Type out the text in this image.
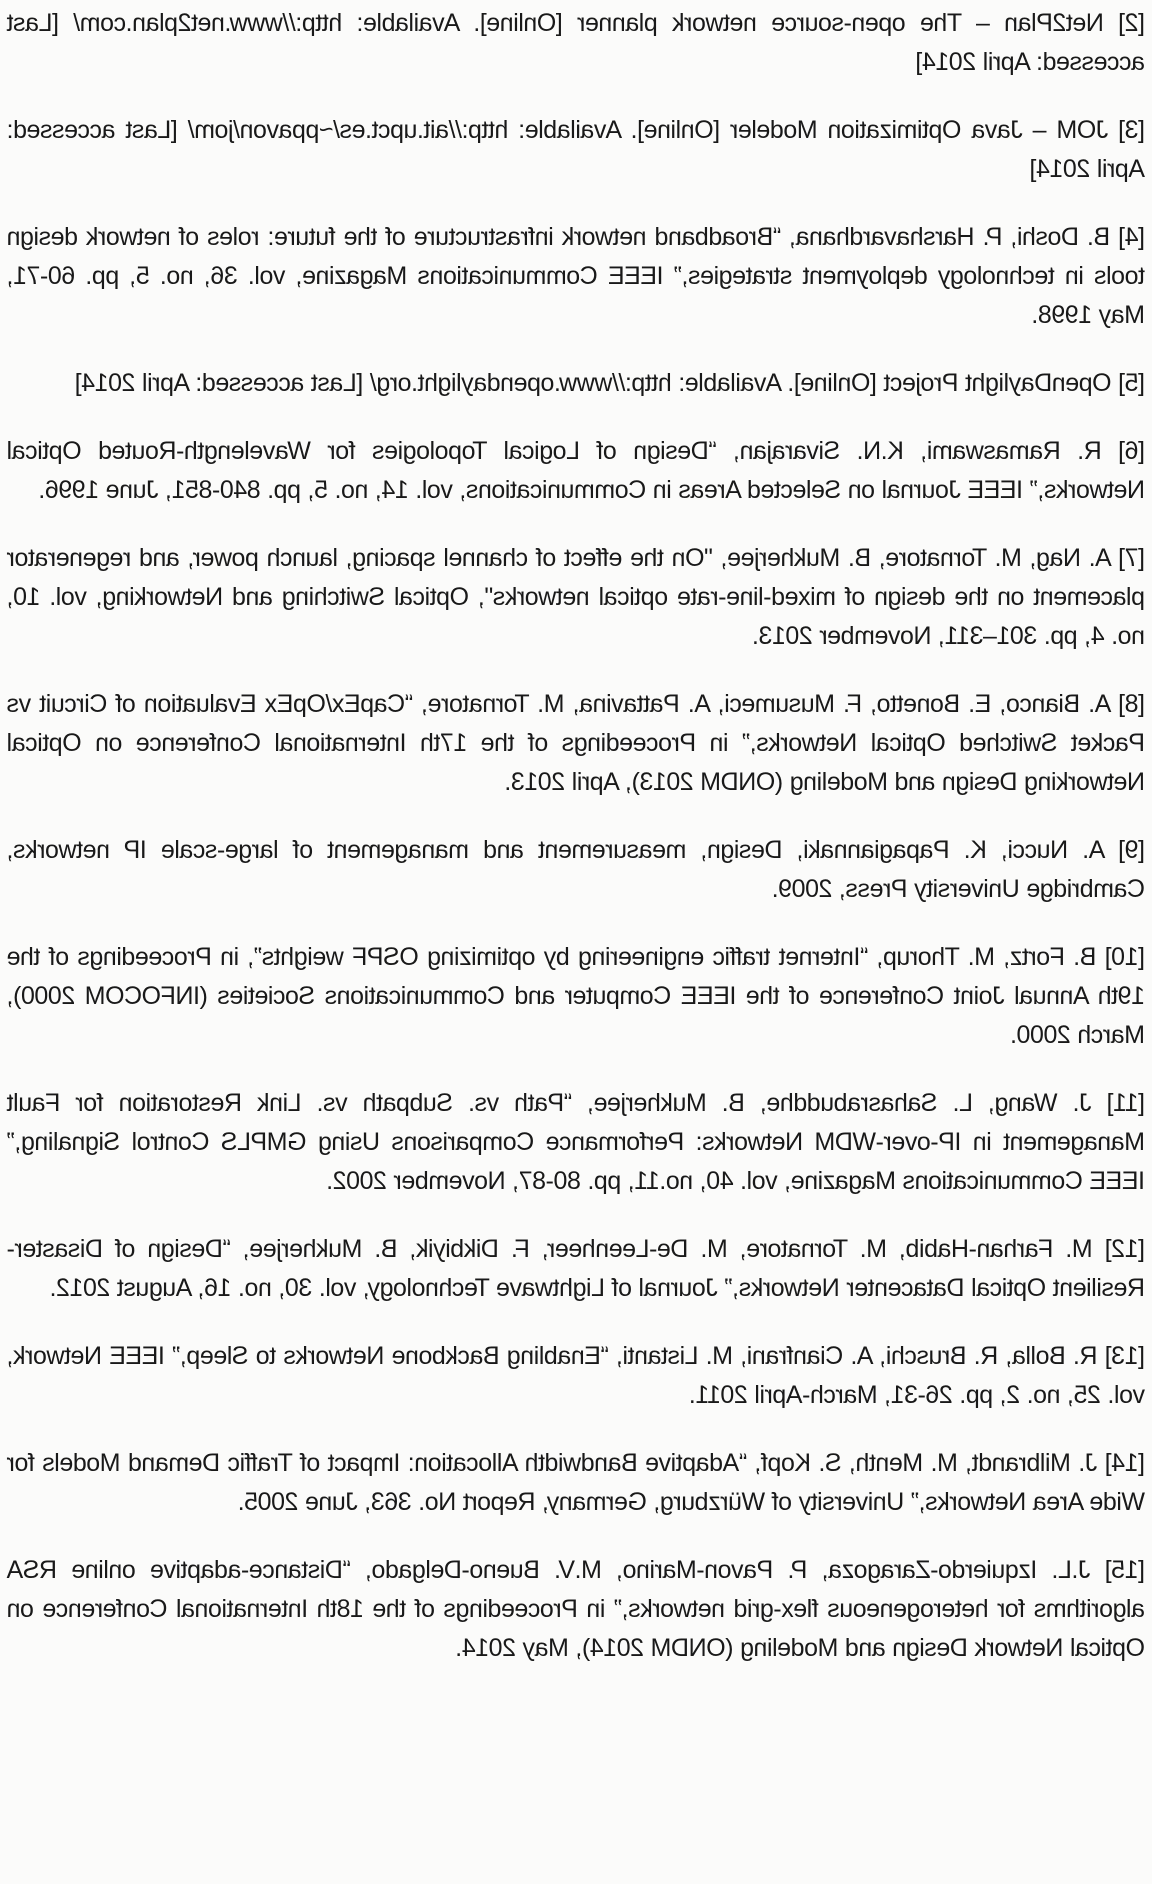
[2] Net2Plan – The open-source network planner [Online]. Available: http://www.net2plan.com/ [Last accessed: April 2014]

[3] JOM – Java Optimization Modeler [Online]. Available: http://ait.upct.es/~ppavon/jom/ [Last accessed: April 2014]

[4] B. Doshi, P. Harshavardhana, “Broadband network infrastructure of the future: roles of network design tools in technology deployment strategies,” IEEE Communications Magazine, vol. 36, no. 5, pp. 60-71, May 1998.

[5] OpenDaylight Project [Online]. Available: http://www.opendaylight.org/ [Last accessed: April 2014]

[6] R. Ramaswami, K.N. Sivarajan, “Design of Logical Topologies for Wavelength-Routed Optical Networks,” IEEE Journal on Selected Areas in Communications, vol. 14, no. 5, pp. 840-851, June 1996.

[7] A. Nag, M. Tornatore, B. Mukherjee, "On the effect of channel spacing, launch power, and regenerator placement on the design of mixed-line-rate optical networks", Optical Switching and Networking, vol. 10, no. 4, pp. 301–311, November 2013.

[8] A. Bianco, E. Bonetto, F. Musumeci, A. Pattavina, M. Tornatore, “CapEx/OpEx Evaluation of Circuit vs Packet Switched Optical Networks,” in Proceedings of the 17th International Conference on Optical Networking Design and Modeling (ONDM 2013), April 2013.

[9] A. Nucci, K. Papagiannaki, Design, measurement and management of large-scale IP networks, Cambridge University Press, 2009.

[10] B. Fortz, M. Thorup, “Internet traffic engineering by optimizing OSPF weights”, in Proceedings of the 19th Annual Joint Conference of the IEEE Computer and Communications Societies (INFOCOM 2000), March 2000.

[11] J. Wang, L. Sahasrabuddhe, B. Mukherjee, “Path vs. Subpath vs. Link Restoration for Fault Management in IP-over-WDM Networks: Performance Comparisons Using GMPLS Control Signaling,” IEEE Communications Magazine, vol. 40, no.11, pp. 80-87, November 2002.

[12] M. Farhan-Habib, M. Tornatore, M. De-Leenheer, F. Dikbiyik, B. Mukherjee, “Design of Disaster-Resilient Optical Datacenter Networks,” Journal of Lightwave Technology, vol. 30, no. 16, August 2012.

[13] R. Bolla, R. Bruschi, A. Cianfrani, M. Listanti, “Enabling Backbone Networks to Sleep,” IEEE Network, vol. 25, no. 2, pp. 26-31, March-April 2011.

[14] J. Milbrandt, M. Menth, S. Kopf, “Adaptive Bandwidth Allocation: Impact of Traffic Demand Models for Wide Area Networks,” University of Würzburg, Germany, Report No. 363, June 2005.

[15] J.L. Izquierdo-Zaragoza, P. Pavon-Marino, M.V. Bueno-Delgado, “Distance-adaptive online RSA algorithms for heterogeneous flex-grid networks,” in Proceedings of the 18th International Conference on Optical Network Design and Modeling (ONDM 2014), May 2014.
